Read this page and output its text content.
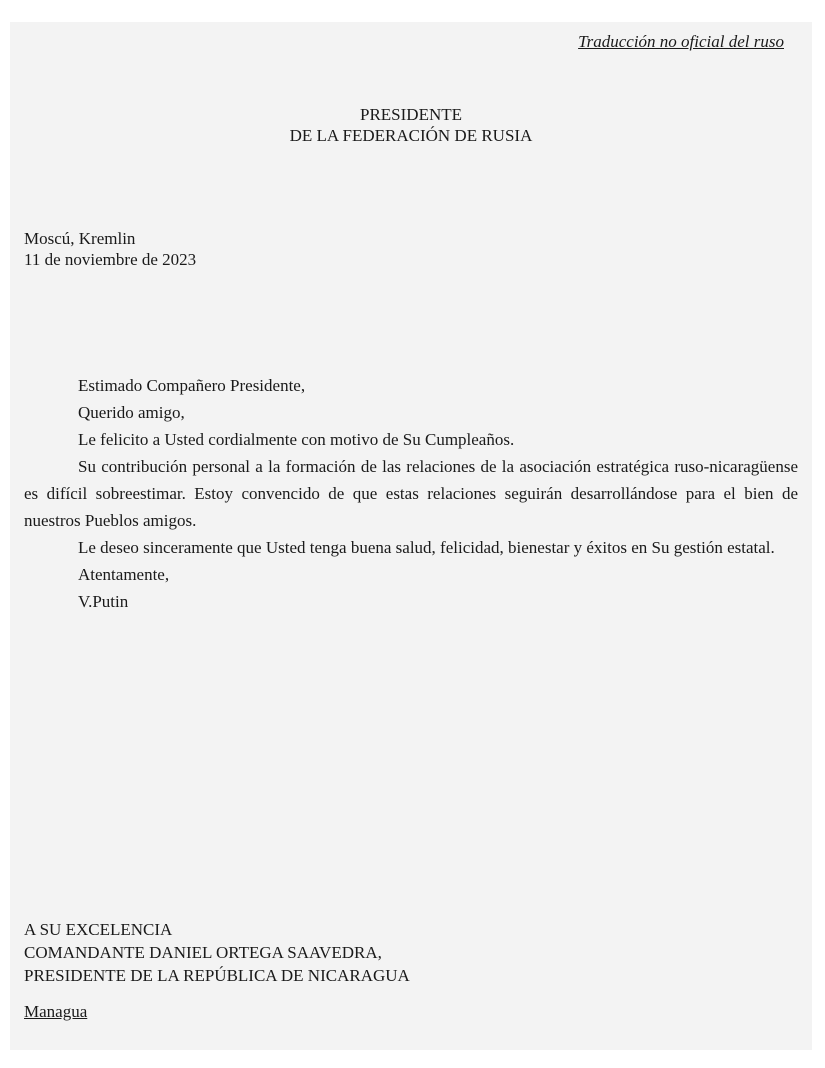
Traducción no oficial del ruso
PRESIDENTE
DE LA FEDERACIÓN DE RUSIA
Moscú, Kremlin
11 de noviembre de 2023

Estimado Compañero Presidente,

Querido amigo,

Le felicito a Usted cordialmente con motivo de Su Cumpleaños.

Su contribución personal a la formación de las relaciones de la asociación estratégica ruso-nicaragüense es difícil sobreestimar. Estoy convencido de que estas relaciones seguirán desarrollándose para el bien de nuestros Pueblos amigos.

Le deseo sinceramente que Usted tenga buena salud, felicidad, bienestar y éxitos en Su gestión estatal.

Atentamente,

V.Putin

A SU EXCELENCIA
COMANDANTE DANIEL ORTEGA SAAVEDRA,
PRESIDENTE DE LA REPÚBLICA DE NICARAGUA
Managua
